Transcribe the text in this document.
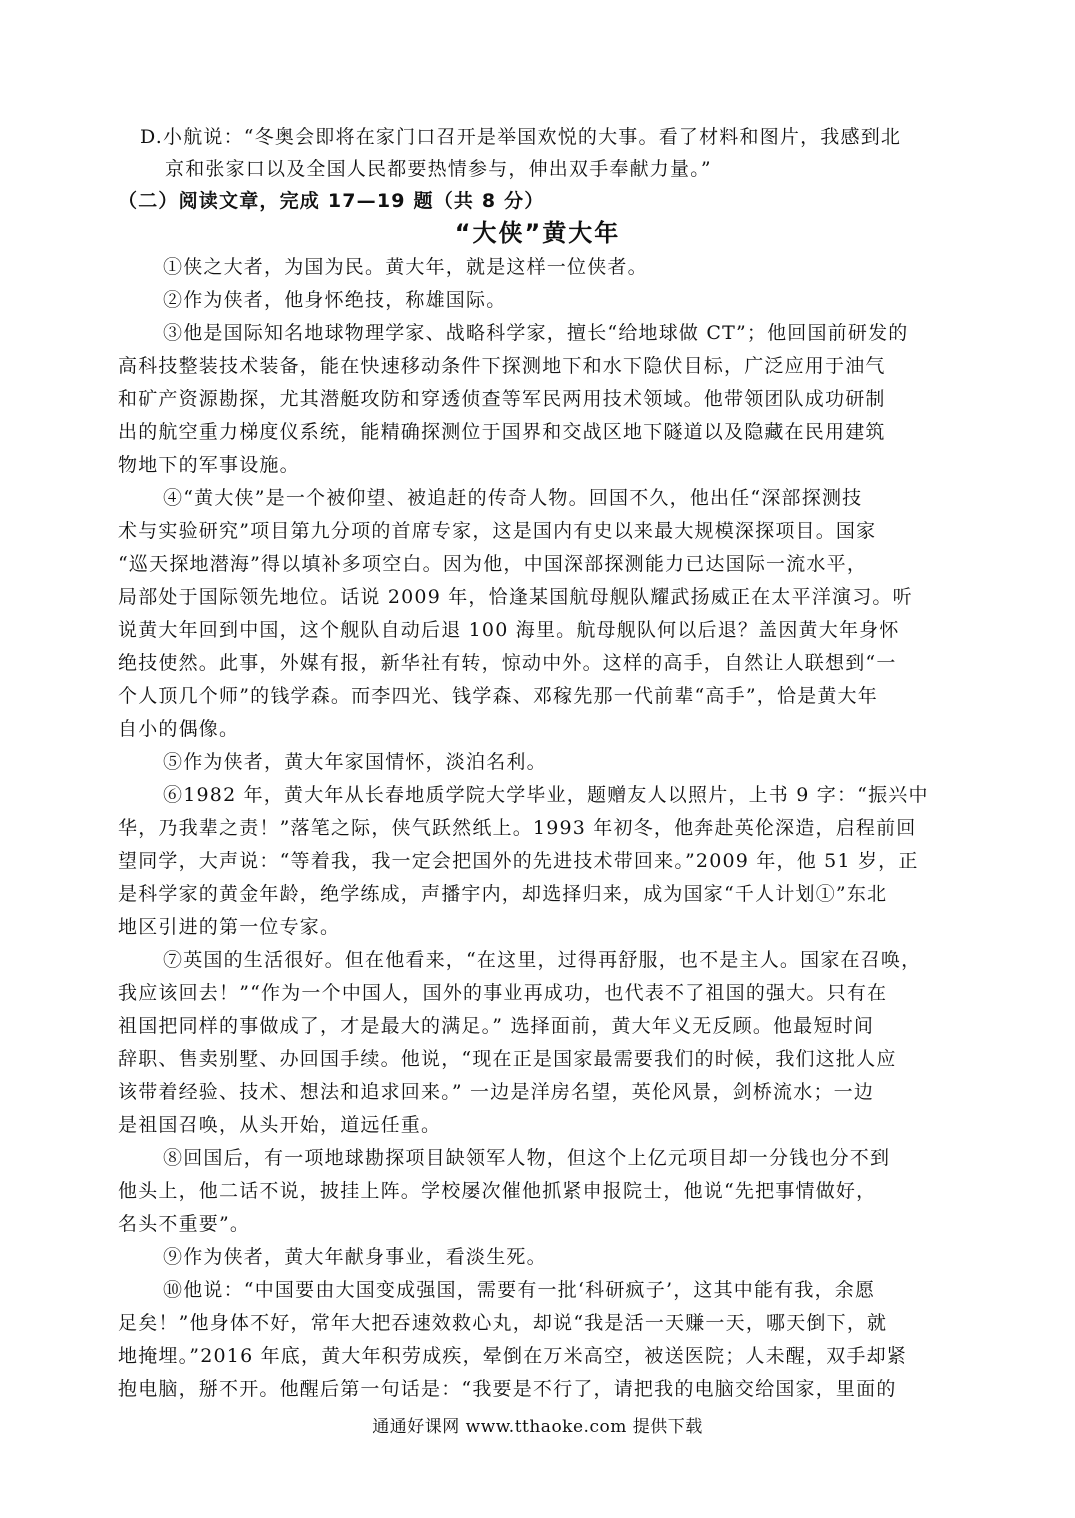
D.小航说：“冬奥会即将在家门口召开是举国欢悦的大事。看了材料和图片，我感到北
京和张家口以及全国人民都要热情参与，伸出双手奉献力量。”
（二）阅读文章，完成 17—19 题（共 8 分）
“大侠”黄大年
①侠之大者，为国为民。黄大年，就是这样一位侠者。
②作为侠者，他身怀绝技，称雄国际。
③他是国际知名地球物理学家、战略科学家，擅长“给地球做 CT”；他回国前研发的
高科技整装技术装备，能在快速移动条件下探测地下和水下隐伏目标，广泛应用于油气
和矿产资源勘探，尤其潜艇攻防和穿透侦查等军民两用技术领域。他带领团队成功研制
出的航空重力梯度仪系统，能精确探测位于国界和交战区地下隧道以及隐藏在民用建筑
物地下的军事设施。
④“黄大侠”是一个被仰望、被追赶的传奇人物。回国不久，他出任“深部探测技
术与实验研究”项目第九分项的首席专家，这是国内有史以来最大规模深探项目。国家
“巡天探地潜海”得以填补多项空白。因为他，中国深部探测能力已达国际一流水平，
局部处于国际领先地位。话说 2009 年，恰逢某国航母舰队耀武扬威正在太平洋演习。听
说黄大年回到中国，这个舰队自动后退 100 海里。航母舰队何以后退？盖因黄大年身怀
绝技使然。此事，外媒有报，新华社有转，惊动中外。这样的高手，自然让人联想到“一
个人顶几个师”的钱学森。而李四光、钱学森、邓稼先那一代前辈“高手”，恰是黄大年
自小的偶像。
⑤作为侠者，黄大年家国情怀，淡泊名利。
⑥1982 年，黄大年从长春地质学院大学毕业，题赠友人以照片，上书 9 字：“振兴中
华，乃我辈之责！”落笔之际，侠气跃然纸上。1993 年初冬，他奔赴英伦深造，启程前回
望同学，大声说：“等着我，我一定会把国外的先进技术带回来。”2009 年，他 51 岁，正
是科学家的黄金年龄，绝学练成，声播宇内，却选择归来，成为国家“千人计划①”东北
地区引进的第一位专家。
⑦英国的生活很好。但在他看来，“在这里，过得再舒服，也不是主人。国家在召唤，
我应该回去！”“作为一个中国人，国外的事业再成功，也代表不了祖国的强大。只有在
祖国把同样的事做成了，才是最大的满足。” 选择面前，黄大年义无反顾。他最短时间
辞职、售卖别墅、办回国手续。他说，“现在正是国家最需要我们的时候，我们这批人应
该带着经验、技术、想法和追求回来。” 一边是洋房名望，英伦风景，剑桥流水；一边
是祖国召唤，从头开始，道远任重。
⑧回国后，有一项地球勘探项目缺领军人物，但这个上亿元项目却一分钱也分不到
他头上，他二话不说，披挂上阵。学校屡次催他抓紧申报院士，他说“先把事情做好，
名头不重要”。
⑨作为侠者，黄大年献身事业，看淡生死。
⑩他说：“中国要由大国变成强国，需要有一批‘科研疯子’，这其中能有我，余愿
足矣！”他身体不好，常年大把吞速效救心丸，却说“我是活一天赚一天，哪天倒下，就
地掩埋。”2016 年底，黄大年积劳成疾，晕倒在万米高空，被送医院；人未醒，双手却紧
抱电脑，掰不开。他醒后第一句话是：“我要是不行了，请把我的电脑交给国家，里面的
通通好课网 www.tthaoke.com 提供下载
